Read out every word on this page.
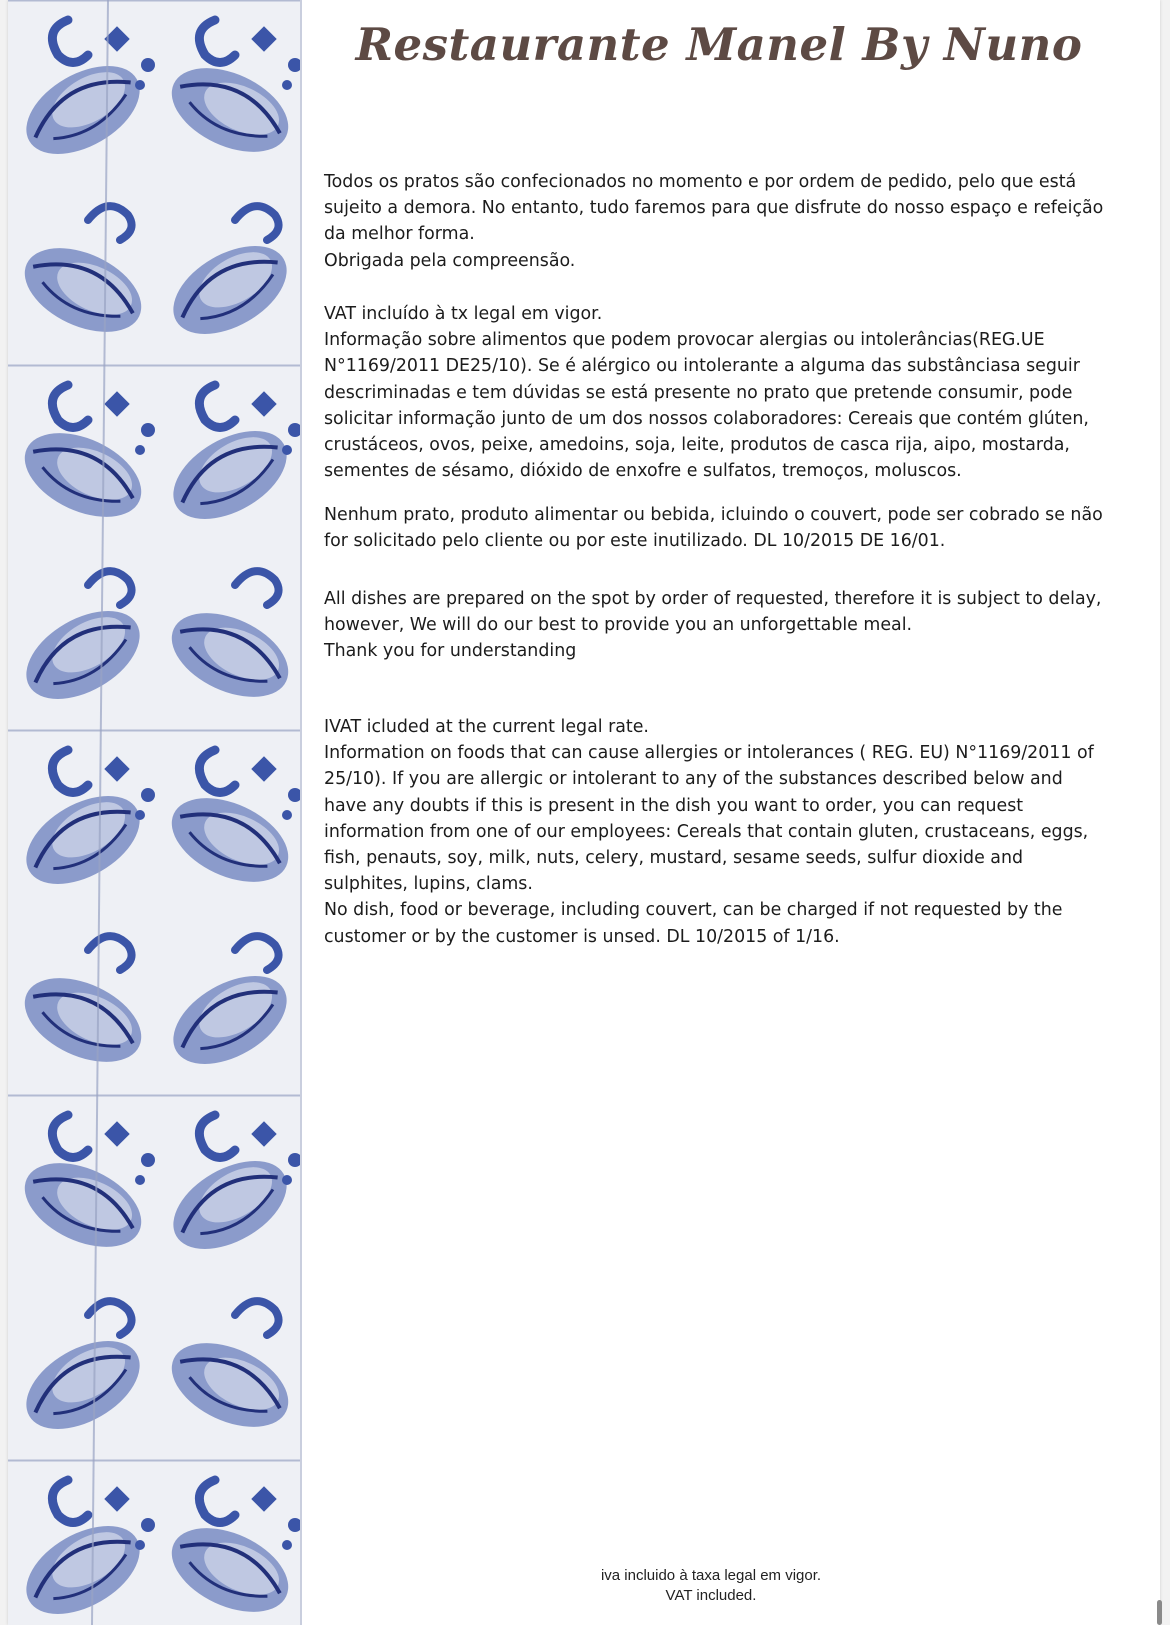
Restaurante Manel By Nuno

Todos os pratos são confecionados no momento e por ordem de pedido, pelo que está sujeito a demora. No entanto, tudo faremos para que disfrute do nosso espaço e refeição da melhor forma.
Obrigada pela compreensão.

VAT incluído à tx legal em vigor.
Informação sobre alimentos que podem provocar alergias ou intolerâncias(REG.UE N°1169/2011 DE25/10). Se é alérgico ou intolerante a alguma das substânciasa seguir descriminadas e tem dúvidas se está presente no prato que pretende consumir, pode solicitar informação junto de um dos nossos colaboradores: Cereais que contém glúten, crustáceos, ovos, peixe, amedoins, soja, leite, produtos de casca rija, aipo, mostarda, sementes de sésamo, dióxido de enxofre e sulfatos, tremoços, moluscos.

Nenhum prato, produto alimentar ou bebida, icluindo o couvert, pode ser cobrado se não for solicitado pelo cliente ou por este inutilizado. DL 10/2015 DE 16/01.

All dishes are prepared on the spot by order of requested, therefore it is subject to delay, however, We will do our best to provide you an unforgettable meal.
Thank you for understanding

IVAT icluded at the current legal rate.
Information on foods that can cause allergies or intolerances ( REG. EU) N°1169/2011 of 25/10). If you are allergic or intolerant to any of the substances described below and have any doubts if this is present in the dish you want to order, you can request information from one of our employees: Cereals that contain gluten, crustaceans, eggs, fish, penauts, soy, milk, nuts, celery, mustard, sesame seeds, sulfur dioxide and sulphites, lupins, clams.
No dish, food or beverage, including couvert, can be charged if not requested by the customer or by the customer is unsed. DL 10/2015 of 1/16.

iva incluido à taxa legal em vigor.
VAT included.
